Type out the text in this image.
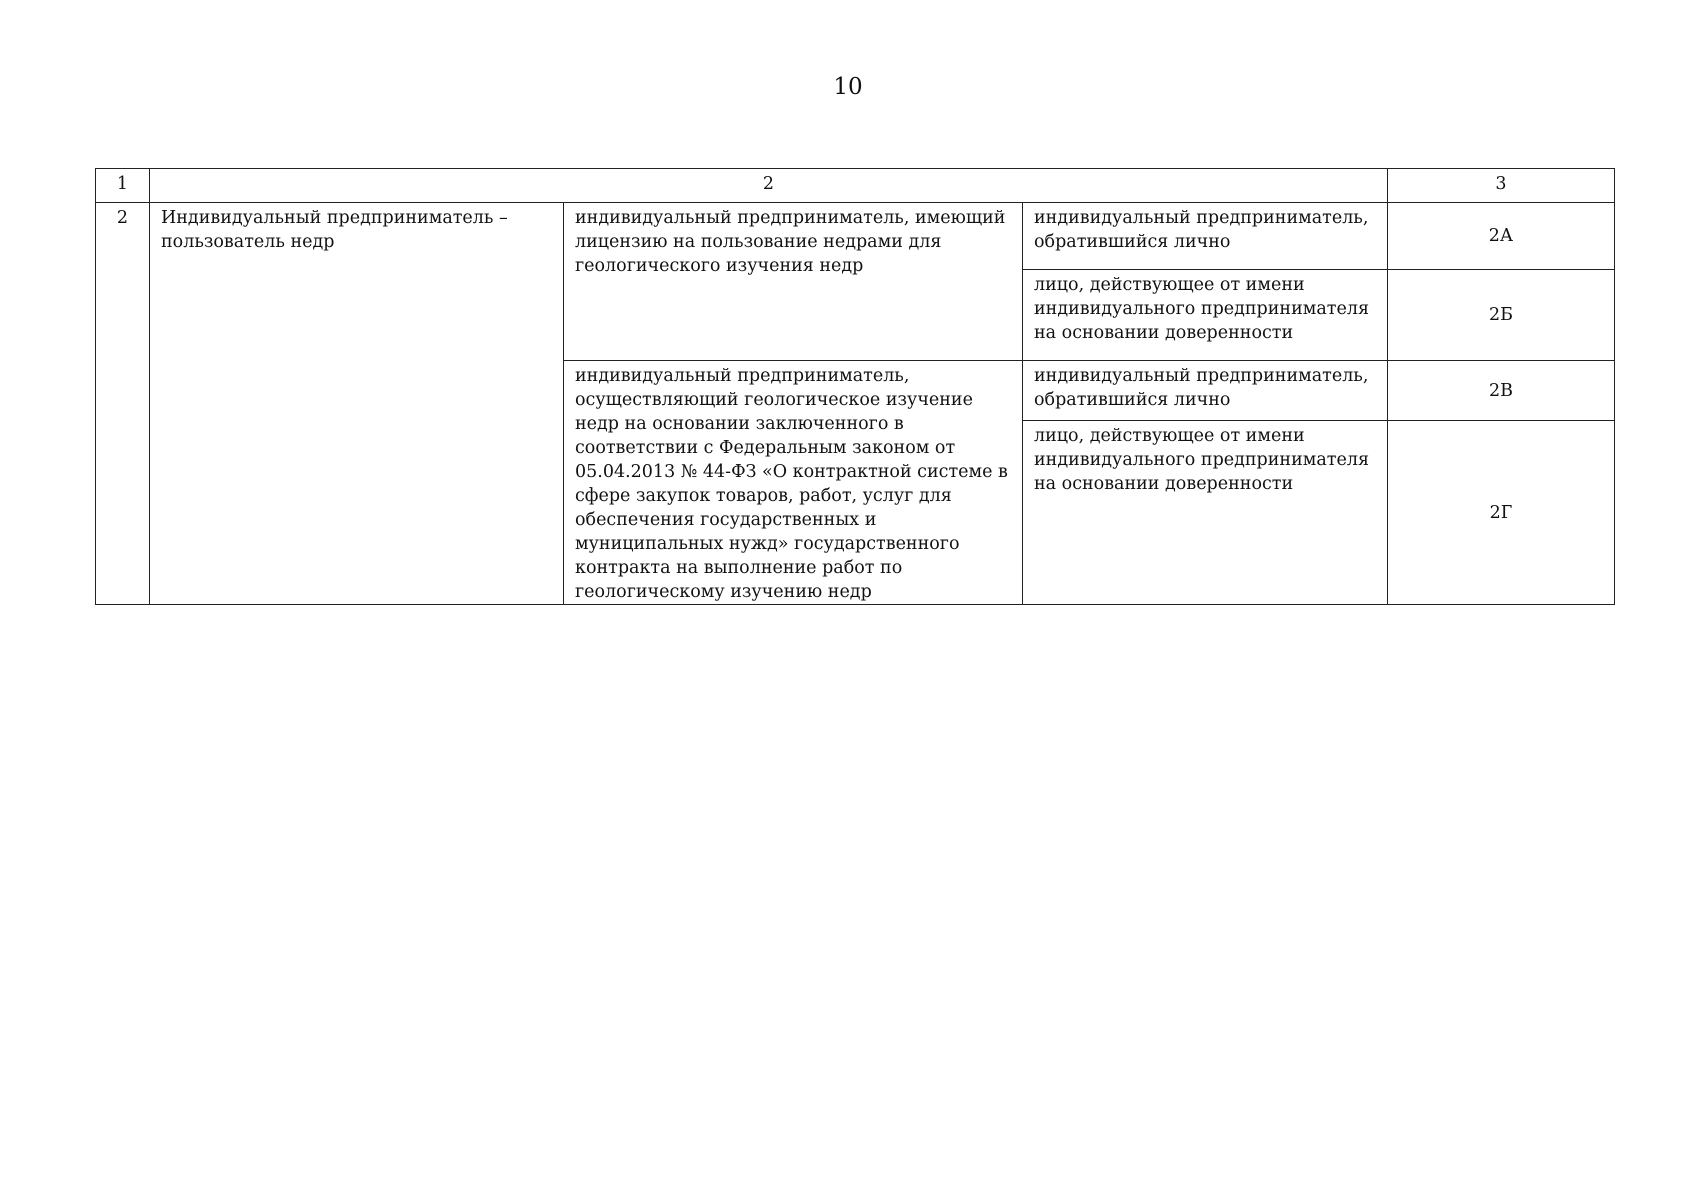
10
1	2			3
2	Индивидуальный предприниматель – пользователь недр	индивидуальный предприниматель, имеющий лицензию на пользование недрами для геологического изучения недр	индивидуальный предприниматель, обратившийся лично	2А
			лицо, действующее от имени индивидуального предпринимателя на основании доверенности	2Б
		индивидуальный предприниматель, осуществляющий геологическое изучение недр на основании заключенного в соответствии с Федеральным законом от 05.04.2013 № 44-ФЗ «О контрактной системе в сфере закупок товаров, работ, услуг для обеспечения государственных и муниципальных нужд» государственного контракта на выполнение работ по геологическому изучению недр	индивидуальный предприниматель, обратившийся лично	2В
			лицо, действующее от имени индивидуального предпринимателя на основании доверенности	2Г
